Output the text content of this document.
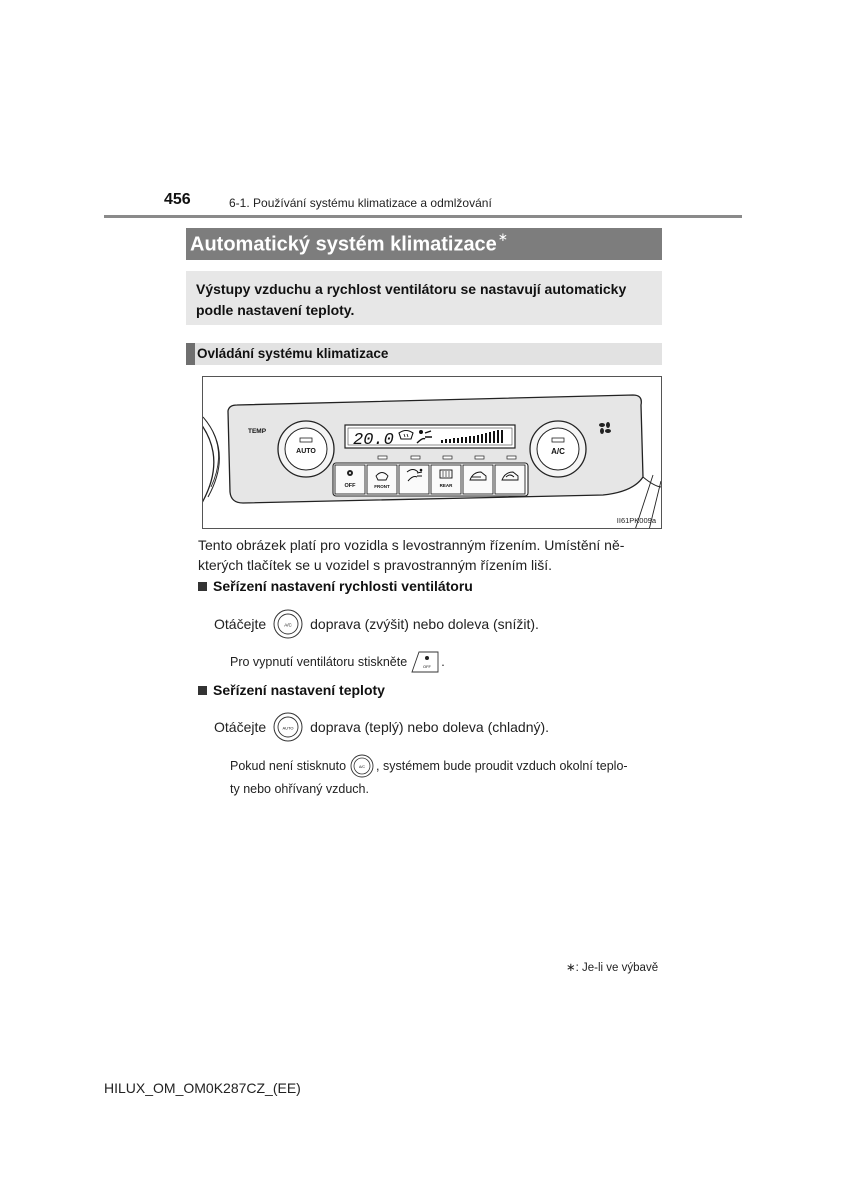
456	6-1. Používání systému klimatizace a odmlžování
Automatický systém klimatizace∗
Výstupy vzduchu a rychlost ventilátoru se nastavují automaticky podle nastavení teploty.
Ovládání systému klimatizace
TEMP
AUTO	A/C
20.0
OFF	FRONT	REAR
II61PK009a
Tento obrázek platí pro vozidla s levostranným řízením. Umístění ně-kterých tlačítek se u vozidel s pravostranným řízením liší.
Seřízení nastavení rychlosti ventilátoru
Otáčejte	A/C doprava (zvýšit) nebo doleva (snížit).
Pro vypnutí ventilátoru stiskněte	OFF .
Seřízení nastavení teploty
Otáčejte	AUTO doprava (teplý) nebo doleva (chladný).
Pokud není stisknuto	A/C , systémem bude proudit vzduch okolní teplo-
ty nebo ohřívaný vzduch.
∗: Je-li ve výbavě
HILUX_OM_OM0K287CZ_(EE)
